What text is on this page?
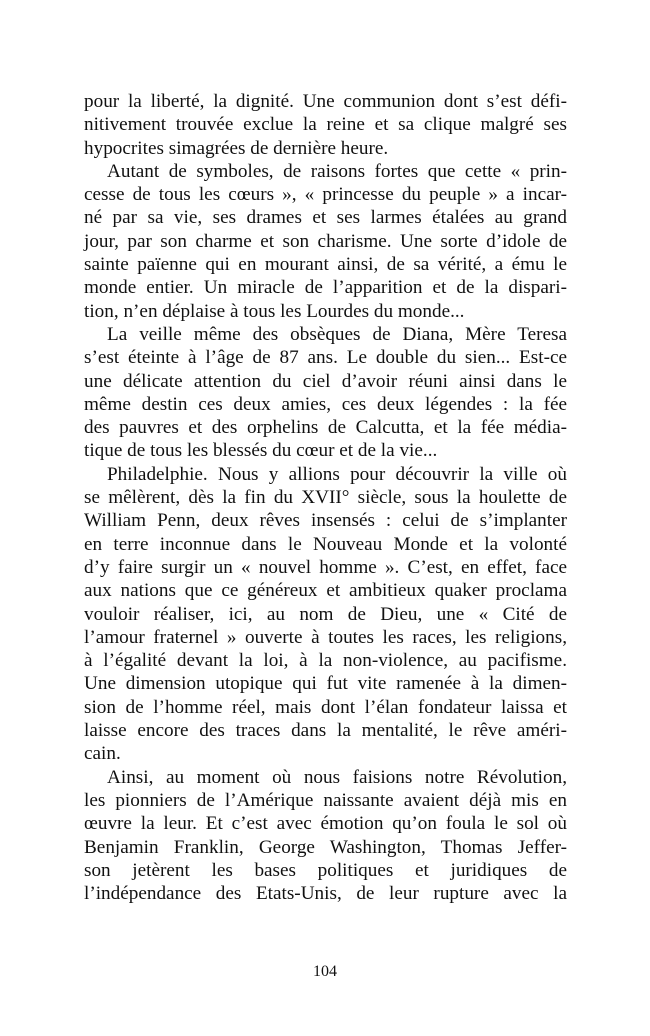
pour la liberté, la dignité. Une communion dont s’est défi-
nitivement trouvée exclue la reine et sa clique malgré ses
hypocrites simagrées de dernière heure.

Autant de symboles, de raisons fortes que cette « prin-
cesse de tous les cœurs », « princesse du peuple » a incar-
né par sa vie, ses drames et ses larmes étalées au grand
jour, par son charme et son charisme. Une sorte d’idole de
sainte païenne qui en mourant ainsi, de sa vérité, a ému le
monde entier. Un miracle de l’apparition et de la dispari-
tion, n’en déplaise à tous les Lourdes du monde...

La veille même des obsèques de Diana, Mère Teresa
s’est éteinte à l’âge de 87 ans. Le double du sien... Est-ce
une délicate attention du ciel d’avoir réuni ainsi dans le
même destin ces deux amies, ces deux légendes : la fée
des pauvres et des orphelins de Calcutta, et la fée média-
tique de tous les blessés du cœur et de la vie...

Philadelphie. Nous y allions pour découvrir la ville où
se mêlèrent, dès la fin du XVII° siècle, sous la houlette de
William Penn, deux rêves insensés : celui de s’implanter
en terre inconnue dans le Nouveau Monde et la volonté
d’y faire surgir un « nouvel homme ». C’est, en effet, face
aux nations que ce généreux et ambitieux quaker proclama
vouloir réaliser, ici, au nom de Dieu, une « Cité de
l’amour fraternel » ouverte à toutes les races, les religions,
à l’égalité devant la loi, à la non-violence, au pacifisme.
Une dimension utopique qui fut vite ramenée à la dimen-
sion de l’homme réel, mais dont l’élan fondateur laissa et
laisse encore des traces dans la mentalité, le rêve améri-
cain.

Ainsi, au moment où nous faisions notre Révolution,
les pionniers de l’Amérique naissante avaient déjà mis en
œuvre la leur. Et c’est avec émotion qu’on foula le sol où
Benjamin Franklin, George Washington, Thomas Jeffer-
son jetèrent les bases politiques et juridiques de
l’indépendance des Etats-Unis, de leur rupture avec la

104
